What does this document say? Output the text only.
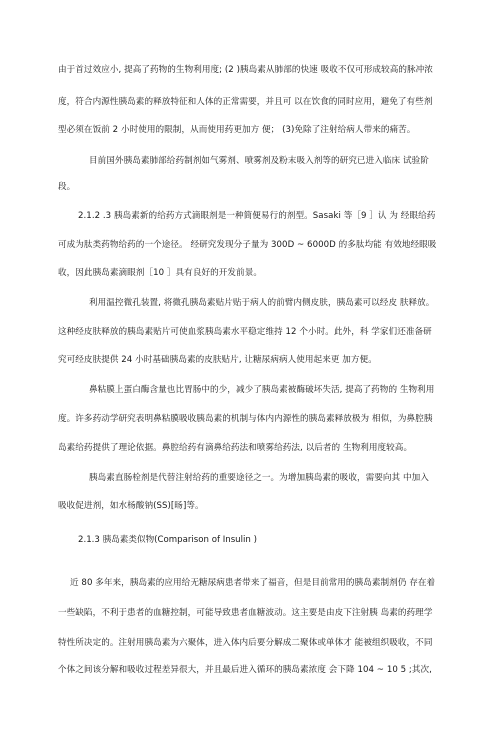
由于首过效应小, 提高了药物的生物利用度; (2 )胰岛素从肺部的快速 吸收不仅可形成较高的脉冲浓
度，符合内源性胰岛素的释放特征和人体的正常需要，并且可 以在饮食的同时应用，避免了有些剂
型必须在饭前 2 小时使用的限制，从而使用药更加方 便； (3)免除了注射给病人带来的痛苦。
目前国外胰岛素肺部给药制剂如气雾剂、喷雾剂及粉末吸入剂等的研究已进入临床 试验阶
段。
2.1.2 .3 胰岛素新的给药方式滴眼剂是一种简便易行的剂型。Sasaki 等［9 ］认 为 经眼给药
可成为肽类药物给药的一个途径。 经研究发现分子量为 300D ~ 6000D 的多肽均能 有效地经眼吸
收，因此胰岛素滴眼剂［10 ］具有良好的开发前景。
利用温控微孔装置, 将微孔胰岛素贴片贴于病人的前臂内侧皮肤，胰岛素可以经皮 肤释放。
这种经皮肤释放的胰岛素贴片可使血浆胰岛素水平稳定维持 12 个小时。此外，科 学家们还准备研
究可经皮肤提供 24 小时基础胰岛素的皮肤贴片, 让糖尿病病人使用起来更 加方便。
鼻粘膜上蛋白酶含量也比胃肠中的少，减少了胰岛素被酶破坏失活, 提高了药物的 生物利用
度。许多药动学研究表明鼻粘膜吸收胰岛素的机制与体内内源性的胰岛素释放极为 相似，为鼻腔胰
岛素给药提供了理论依据。鼻腔给药有滴鼻给药法和喷雾给药法, 以后者的 生物利用度较高。
胰岛素直肠栓剂是代替注射给药的重要途径之一。为增加胰岛素的吸收，需要向其 中加入
吸收促进剂，如水杨酸钠(SS)[旸]等。
2.1.3 胰岛素类似物(Comparison of Insulin )
近 80 多年来，胰岛素的应用给无糖尿病患者带来了福音，但是目前常用的胰岛素制剂仍 存在着
一些缺陷，不利于患者的血糖控制，可能导致患者血糖波动。这主要是由皮下注射胰 岛素的药理学
特性所决定的。注射用胰岛素为六聚体，进入体内后要分解成二聚体或单体才 能被组织吸收，不同
个体之间该分解和吸收过程差异很大，并且最后进入循环的胰岛素浓度 会下降 104 ~ 10 5 ;其次,
